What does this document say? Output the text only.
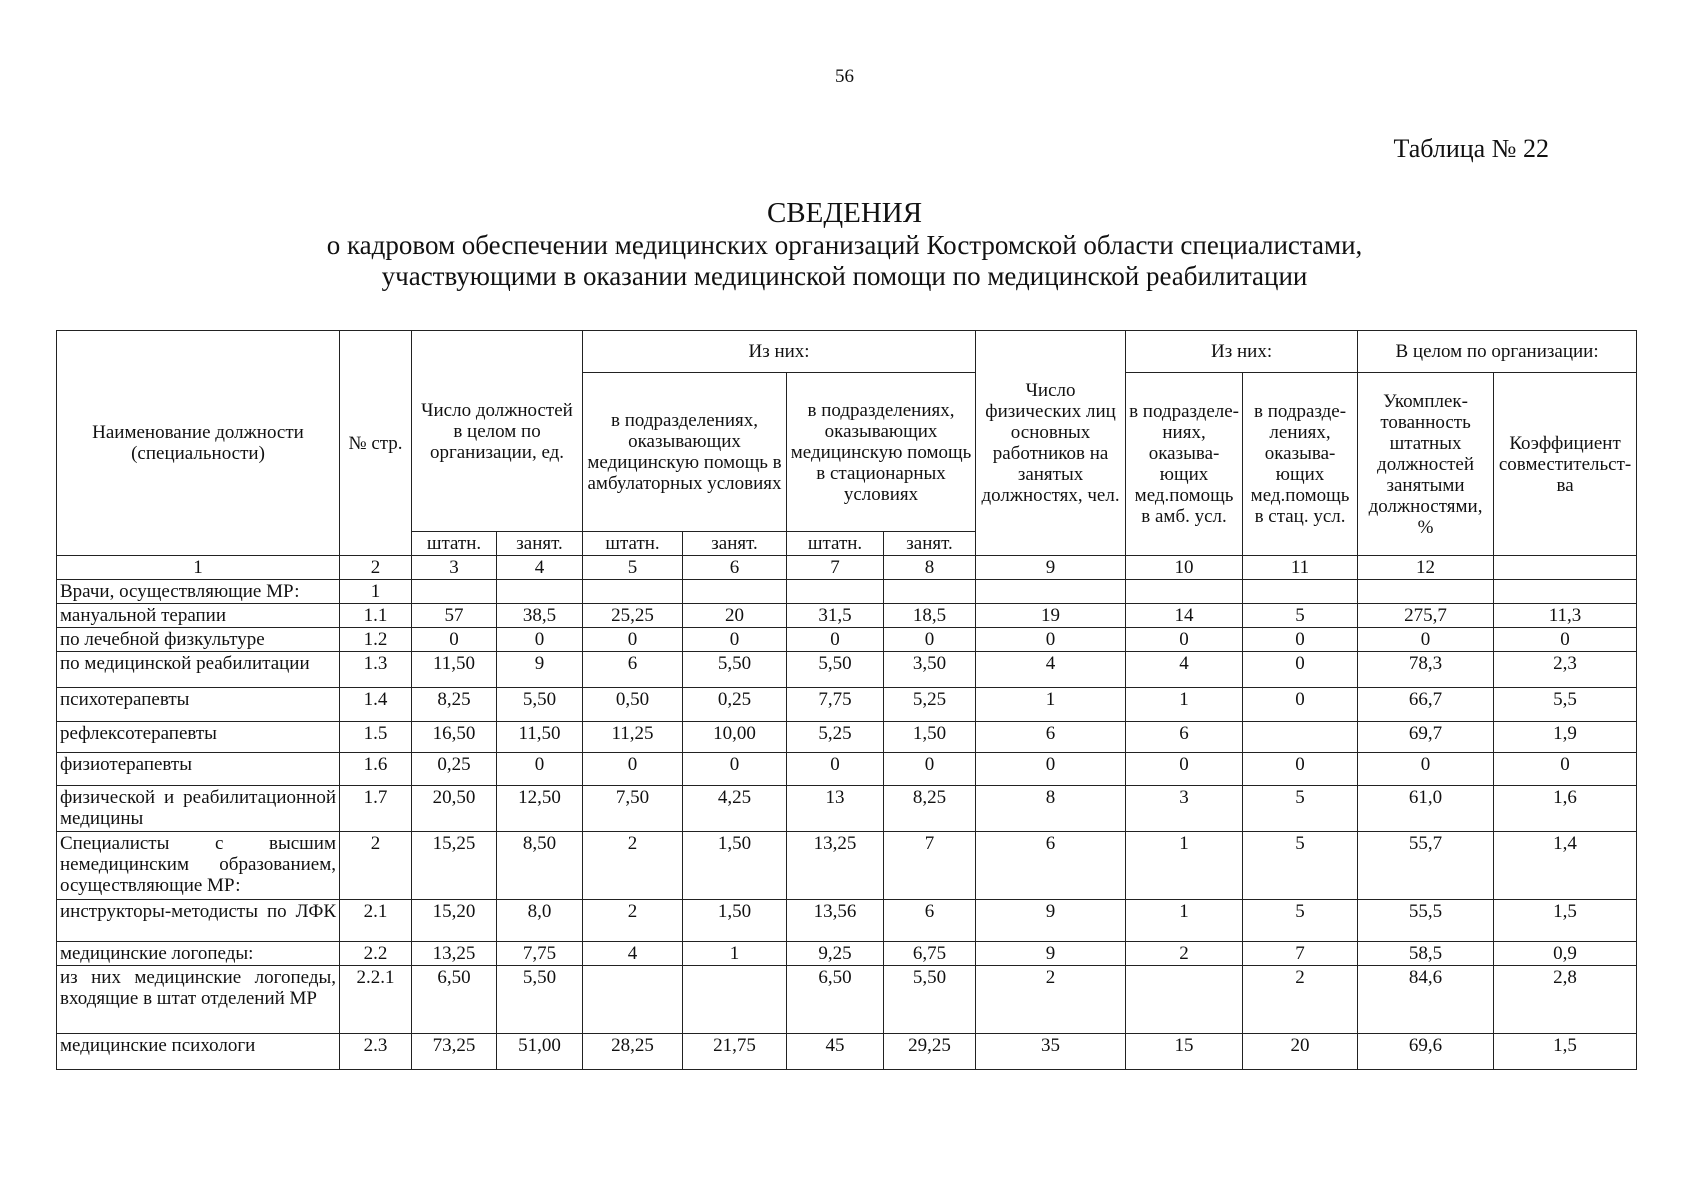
56
Таблица № 22
СВЕДЕНИЯ
о кадровом обеспечении медицинских организаций Костромской области специалистами,
участвующими в оказании медицинской помощи по медицинской реабилитации
Наименование должности (специальности)	№ стр.	Число должностей в целом по организации, ед.		Из них:				Число физических лиц основных работников на занятых должностях, чел.	Из них:		В целом по организации:	
				в подразделениях, оказывающих медицинскую помощь в амбулаторных условиях		в подразделениях, оказывающих медицинскую помощь в стационарных условиях			в подразделе-ниях, оказыва-ющих мед.помощь в амб. усл.	в подразде-лениях, оказыва-ющих мед.помощь в стац. усл.	Укомплек-тованность штатных должностей занятыми должностями, %	Коэффициент совместительст-ва
		штатн.	занят.	штатн.	занят.	штатн.	занят.					
1	2	3	4	5	6	7	8	9	10	11	12	
Врачи, осуществляющие МР:	1											
мануальной терапии	1.1	57	38,5	25,25	20	31,5	18,5	19	14	5	275,7	11,3
по лечебной физкультуре	1.2	0	0	0	0	0	0	0	0	0	0	0
по медицинской реабилитации	1.3	11,50	9	6	5,50	5,50	3,50	4	4	0	78,3	2,3
психотерапевты	1.4	8,25	5,50	0,50	0,25	7,75	5,25	1	1	0	66,7	5,5
рефлексотерапевты	1.5	16,50	11,50	11,25	10,00	5,25	1,50	6	6		69,7	1,9
физиотерапевты	1.6	0,25	0	0	0	0	0	0	0	0	0	0
физической и реабилитационной медицины	1.7	20,50	12,50	7,50	4,25	13	8,25	8	3	5	61,0	1,6
Специалисты с высшим немедицинским образованием, осуществляющие МР:	2	15,25	8,50	2	1,50	13,25	7	6	1	5	55,7	1,4
инструкторы-методисты по ЛФК	2.1	15,20	8,0	2	1,50	13,56	6	9	1	5	55,5	1,5
медицинские логопеды:	2.2	13,25	7,75	4	1	9,25	6,75	9	2	7	58,5	0,9
из них медицинские логопеды, входящие в штат отделений МР	2.2.1	6,50	5,50			6,50	5,50	2		2	84,6	2,8
медицинские психологи	2.3	73,25	51,00	28,25	21,75	45	29,25	35	15	20	69,6	1,5
